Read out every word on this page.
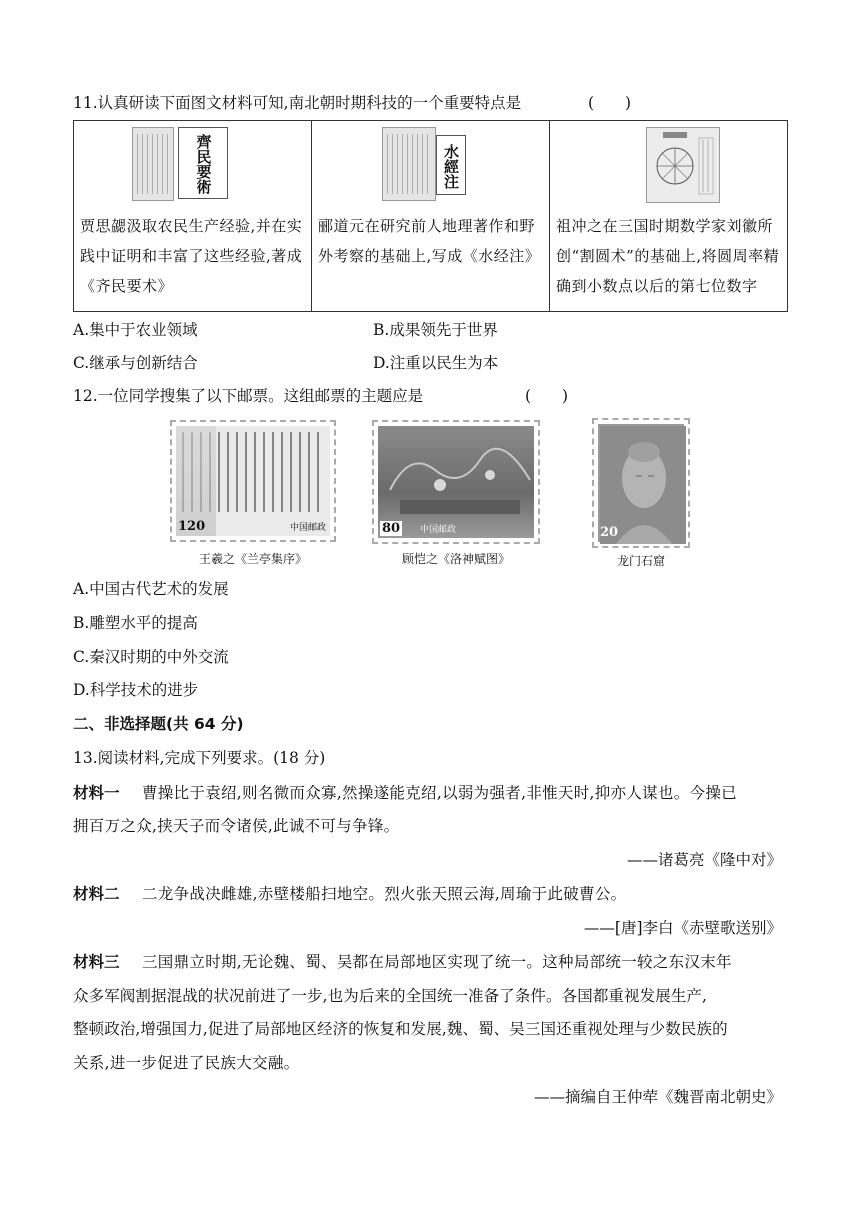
11.认真研读下面图文材料可知,南北朝时期科技的一个重要特点是	(　　)
齊民要術
贾思勰汲取农民生产经验,并在实践中证明和丰富了这些经验,著成《齐民要术》
水經注
郦道元在研究前人地理著作和野外考察的基础上,写成《水经注》
祖冲之在三国时期数学家刘徽所创“割圆术”的基础上,将圆周率精确到小数点以后的第七位数字
A.集中于农业领域	B.成果领先于世界
C.继承与创新结合	D.注重以民生为本
12.一位同学搜集了以下邮票。这组邮票的主题应是	(　　)
120	中国邮政
王羲之《兰亭集序》
80 中国邮政
顾恺之《洛神赋图》
20
龙门石窟
A.中国古代艺术的发展
B.雕塑水平的提高
C.秦汉时期的中外交流
D.科学技术的进步
二、非选择题(共 64 分)
13.阅读材料,完成下列要求。(18 分)
材料一 曹操比于袁绍,则名微而众寡,然操遂能克绍,以弱为强者,非惟天时,抑亦人谋也。今操已
拥百万之众,挟天子而令诸侯,此诚不可与争锋。
——诸葛亮《隆中对》
材料二 二龙争战决雌雄,赤壁楼船扫地空。烈火张天照云海,周瑜于此破曹公。
——[唐]李白《赤壁歌送别》
材料三 三国鼎立时期,无论魏、蜀、吴都在局部地区实现了统一。这种局部统一较之东汉末年
众多军阀割据混战的状况前进了一步,也为后来的全国统一准备了条件。各国都重视发展生产,
整顿政治,增强国力,促进了局部地区经济的恢复和发展,魏、蜀、吴三国还重视处理与少数民族的
关系,进一步促进了民族大交融。
——摘编自王仲荦《魏晋南北朝史》
